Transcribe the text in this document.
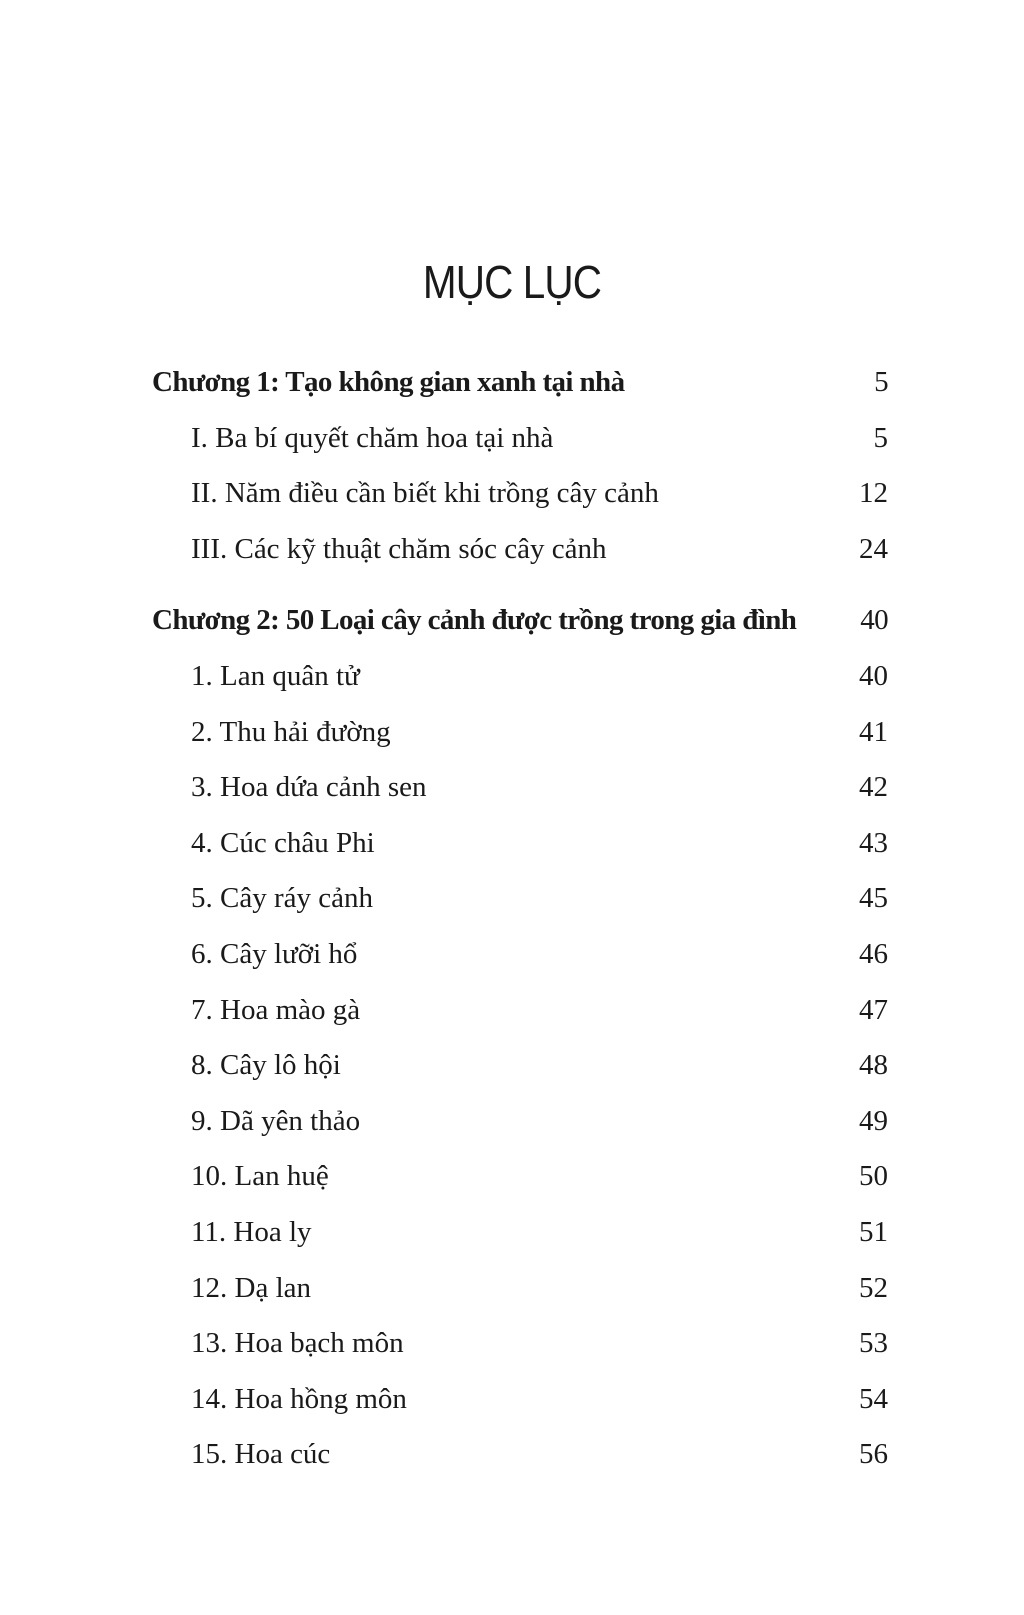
MỤC LỤC
Chương 1: Tạo không gian xanh tại nhà	5
I. Ba bí quyết chăm hoa tại nhà	5
II. Năm điều cần biết khi trồng cây cảnh	12
III. Các kỹ thuật chăm sóc cây cảnh	24
Chương 2: 50 Loại cây cảnh được trồng trong gia đình 40
1. Lan quân tử	40
2. Thu hải đường	41
3. Hoa dứa cảnh sen	42
4. Cúc châu Phi	43
5. Cây ráy cảnh	45
6. Cây lưỡi hổ	46
7. Hoa mào gà	47
8. Cây lô hội	48
9. Dã yên thảo	49
10. Lan huệ	50
11. Hoa ly	51
12. Dạ lan	52
13. Hoa bạch môn	53
14. Hoa hồng môn	54
15. Hoa cúc	56
